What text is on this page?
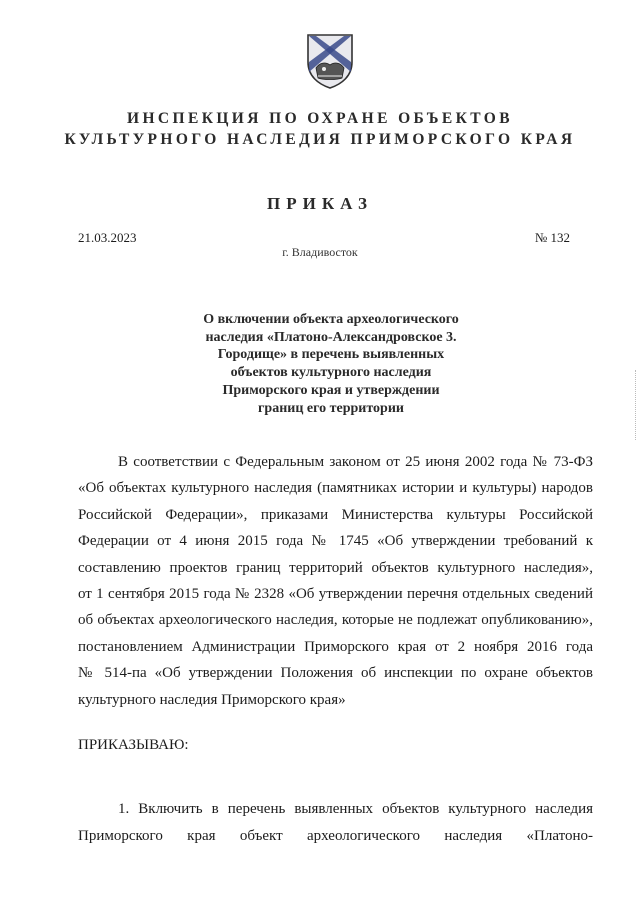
ИНСПЕКЦИЯ ПО ОХРАНЕ ОБЪЕКТОВ
КУЛЬТУРНОГО НАСЛЕДИЯ ПРИМОРСКОГО КРАЯ
ПРИКАЗ
21.03.2023	№ 132
г. Владивосток
О включении объекта археологического
наследия «Платоно-Александровское 3.
Городище» в перечень выявленных
объектов культурного наследия
Приморского края и утверждении
границ его территории
В соответствии с Федеральным законом от 25 июня 2002 года № 73-ФЗ
«Об объектах культурного наследия (памятниках истории и культуры) народов
Российской Федерации», приказами Министерства культуры Российской
Федерации от 4 июня 2015 года № 1745 «Об утверждении требований к
составлению проектов границ территорий объектов культурного наследия»,
от 1 сентября 2015 года № 2328 «Об утверждении перечня отдельных сведений
об объектах археологического наследия, которые не подлежат опубликованию»,
постановлением Администрации Приморского края от 2 ноября 2016 года
№ 514-па «Об утверждении Положения об инспекции по охране объектов
культурного наследия Приморского края»
ПРИКАЗЫВАЮ:
1. Включить в перечень выявленных объектов культурного наследия
Приморского края объект археологического наследия «Платоно-
